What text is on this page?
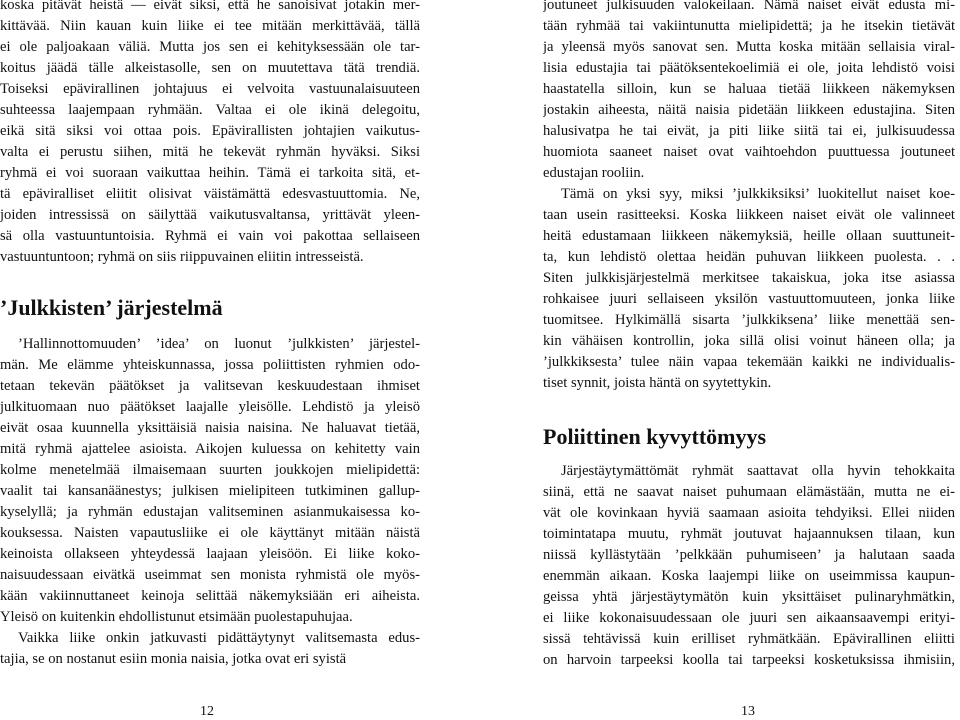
’Julkkisten’ järjestelmä
12
koska pitävät heistä — eivät siksi, että he sanoisivat jotakin mer-
kittävää. Niin kauan kuin liike ei tee mitään merkittävää, tällä
ei ole paljoakaan väliä. Mutta jos sen ei kehityksessään ole tar-
koitus jäädä tälle alkeistasolle, sen on muutettava tätä trendiä.
Toiseksi epävirallinen johtajuus ei velvoita vastuunalaisuuteen
suhteessa laajempaan ryhmään. Valtaa ei ole ikinä delegoitu,
eikä sitä siksi voi ottaa pois. Epävirallisten johtajien vaikutus-
valta ei perustu siihen, mitä he tekevät ryhmän hyväksi. Siksi
ryhmä ei voi suoraan vaikuttaa heihin. Tämä ei tarkoita sitä, et-
tä epäviralliset eliitit olisivat väistämättä edesvastuuttomia. Ne,
joiden intressissä on säilyttää vaikutusvaltansa, yrittävät yleen-
sä olla vastuuntuntoisia. Ryhmä ei vain voi pakottaa sellaiseen
vastuuntuntoon; ryhmä on siis riippuvainen eliitin intresseistä.
’Hallinnottomuuden’ ’idea’ on luonut ’julkkisten’ järjestel-
män. Me elämme yhteiskunnassa, jossa poliittisten ryhmien odo-
tetaan tekevän päätökset ja valitsevan keskuudestaan ihmiset
julkituomaan nuo päätökset laajalle yleisölle. Lehdistö ja yleisö
eivät osaa kuunnella yksittäisiä naisia naisina. Ne haluavat tietää,
mitä ryhmä ajattelee asioista. Aikojen kuluessa on kehitetty vain
kolme menetelmää ilmaisemaan suurten joukkojen mielipidettä:
vaalit tai kansanäänestys; julkisen mielipiteen tutkiminen gallup-
kyselyllä; ja ryhmän edustajan valitseminen asianmukaisessa ko-
kouksessa. Naisten vapautusliike ei ole käyttänyt mitään näistä
keinoista ollakseen yhteydessä laajaan yleisöön. Ei liike koko-
naisuudessaan eivätkä useimmat sen monista ryhmistä ole myös-
kään vakiinnuttaneet keinoja selittää näkemyksiään eri aiheista.
Yleisö on kuitenkin ehdollistunut etsimään puolestapuhujaa.
Vaikka liike onkin jatkuvasti pidättäytynyt valitsemasta edus-
tajia, se on nostanut esiin monia naisia, jotka ovat eri syistä
Poliittinen kyvyttömyys
13
joutuneet julkisuuden valokeilaan. Nämä naiset eivät edusta mi-
tään ryhmää tai vakiintunutta mielipidettä; ja he itsekin tietävät
ja yleensä myös sanovat sen. Mutta koska mitään sellaisia viral-
lisia edustajia tai päätöksentekoelimiä ei ole, joita lehdistö voisi
haastatella silloin, kun se haluaa tietää liikkeen näkemyksen
jostakin aiheesta, näitä naisia pidetään liikkeen edustajina. Siten
halusivatpa he tai eivät, ja piti liike siitä tai ei, julkisuudessa
huomiota saaneet naiset ovat vaihtoehdon puuttuessa joutuneet
edustajan rooliin.
Tämä on yksi syy, miksi ’julkkiksiksi’ luokitellut naiset koe-
taan usein rasitteeksi. Koska liikkeen naiset eivät ole valinneet
heitä edustamaan liikkeen näkemyksiä, heille ollaan suuttuneit-
ta, kun lehdistö olettaa heidän puhuvan liikkeen puolesta. . .
Siten julkkisjärjestelmä merkitsee takaiskua, joka itse asiassa
rohkaisee juuri sellaiseen yksilön vastuuttomuuteen, jonka liike
tuomitsee. Hylkimällä sisarta ’julkkiksena’ liike menettää sen-
kin vähäisen kontrollin, joka sillä olisi voinut häneen olla; ja
’julkkiksesta’ tulee näin vapaa tekemään kaikki ne individualis-
tiset synnit, joista häntä on syytettykin.
Järjestäytymättömät ryhmät saattavat olla hyvin tehokkaita
siinä, että ne saavat naiset puhumaan elämästään, mutta ne ei-
vät ole kovinkaan hyviä saamaan asioita tehdyiksi. Ellei niiden
toimintatapa muutu, ryhmät joutuvat hajaannuksen tilaan, kun
niissä kyllästytään ’pelkkään puhumiseen’ ja halutaan saada
enemmän aikaan. Koska laajempi liike on useimmissa kaupun-
geissa yhtä järjestäytymätön kuin yksittäiset pulinaryhmätkin,
ei liike kokonaisuudessaan ole juuri sen aikaansaavempi erityi-
sissä tehtävissä kuin erilliset ryhmätkään. Epävirallinen eliitti
on harvoin tarpeeksi koolla tai tarpeeksi kosketuksissa ihmisiin,
